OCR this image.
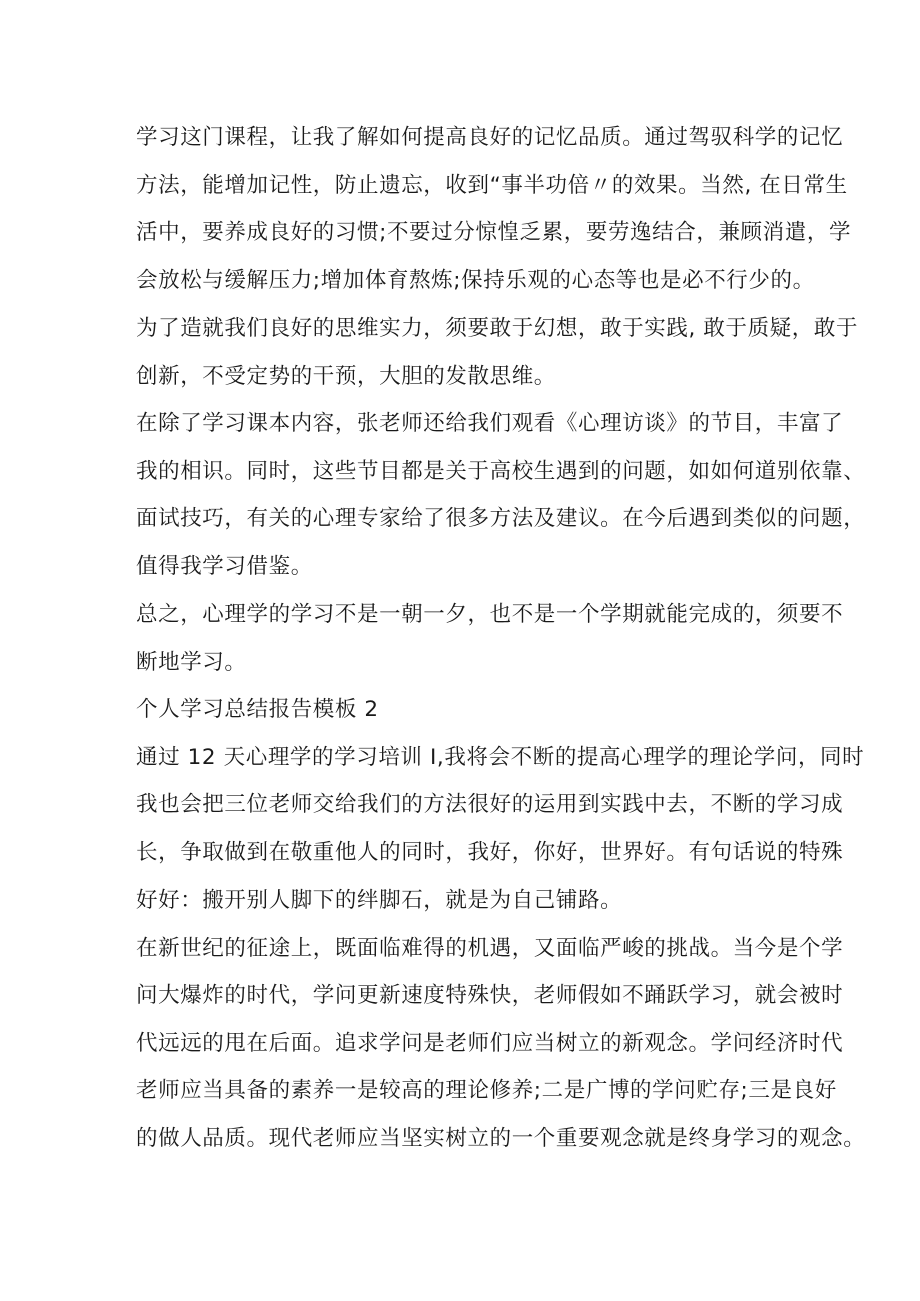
学习这门课程，让我了解如何提高良好的记忆品质。通过驾驭科学的记忆

方法，能增加记性，防止遗忘，收到“事半功倍〃的效果。当然, 在日常生

活中，要养成良好的习惯;不要过分惊惶乏累，要劳逸结合，兼顾消遣，学

会放松与缓解压力;增加体育熬炼;保持乐观的心态等也是必不行少的。

为了造就我们良好的思维实力，须要敢于幻想，敢于实践, 敢于质疑，敢于

创新，不受定势的干预，大胆的发散思维。

在除了学习课本内容，张老师还给我们观看《心理访谈》的节目，丰富了

我的相识。同时，这些节目都是关于高校生遇到的问题，如如何道别依靠、

面试技巧，有关的心理专家给了很多方法及建议。在今后遇到类似的问题，

值得我学习借鉴。

总之，心理学的学习不是一朝一夕，也不是一个学期就能完成的，须要不

断地学习。

个人学习总结报告模板 2

通过 12 天心理学的学习培训 I,我将会不断的提高心理学的理论学问，同时

我也会把三位老师交给我们的方法很好的运用到实践中去，不断的学习成

长，争取做到在敬重他人的同时，我好，你好，世界好。有句话说的特殊

好好：搬开别人脚下的绊脚石，就是为自己铺路。

在新世纪的征途上，既面临难得的机遇，又面临严峻的挑战。当今是个学

问大爆炸的时代，学问更新速度特殊快，老师假如不踊跃学习，就会被时

代远远的甩在后面。追求学问是老师们应当树立的新观念。学问经济时代

老师应当具备的素养一是较高的理论修养;二是广博的学问贮存;三是良好

的做人品质。现代老师应当坚实树立的一个重要观念就是终身学习的观念。
